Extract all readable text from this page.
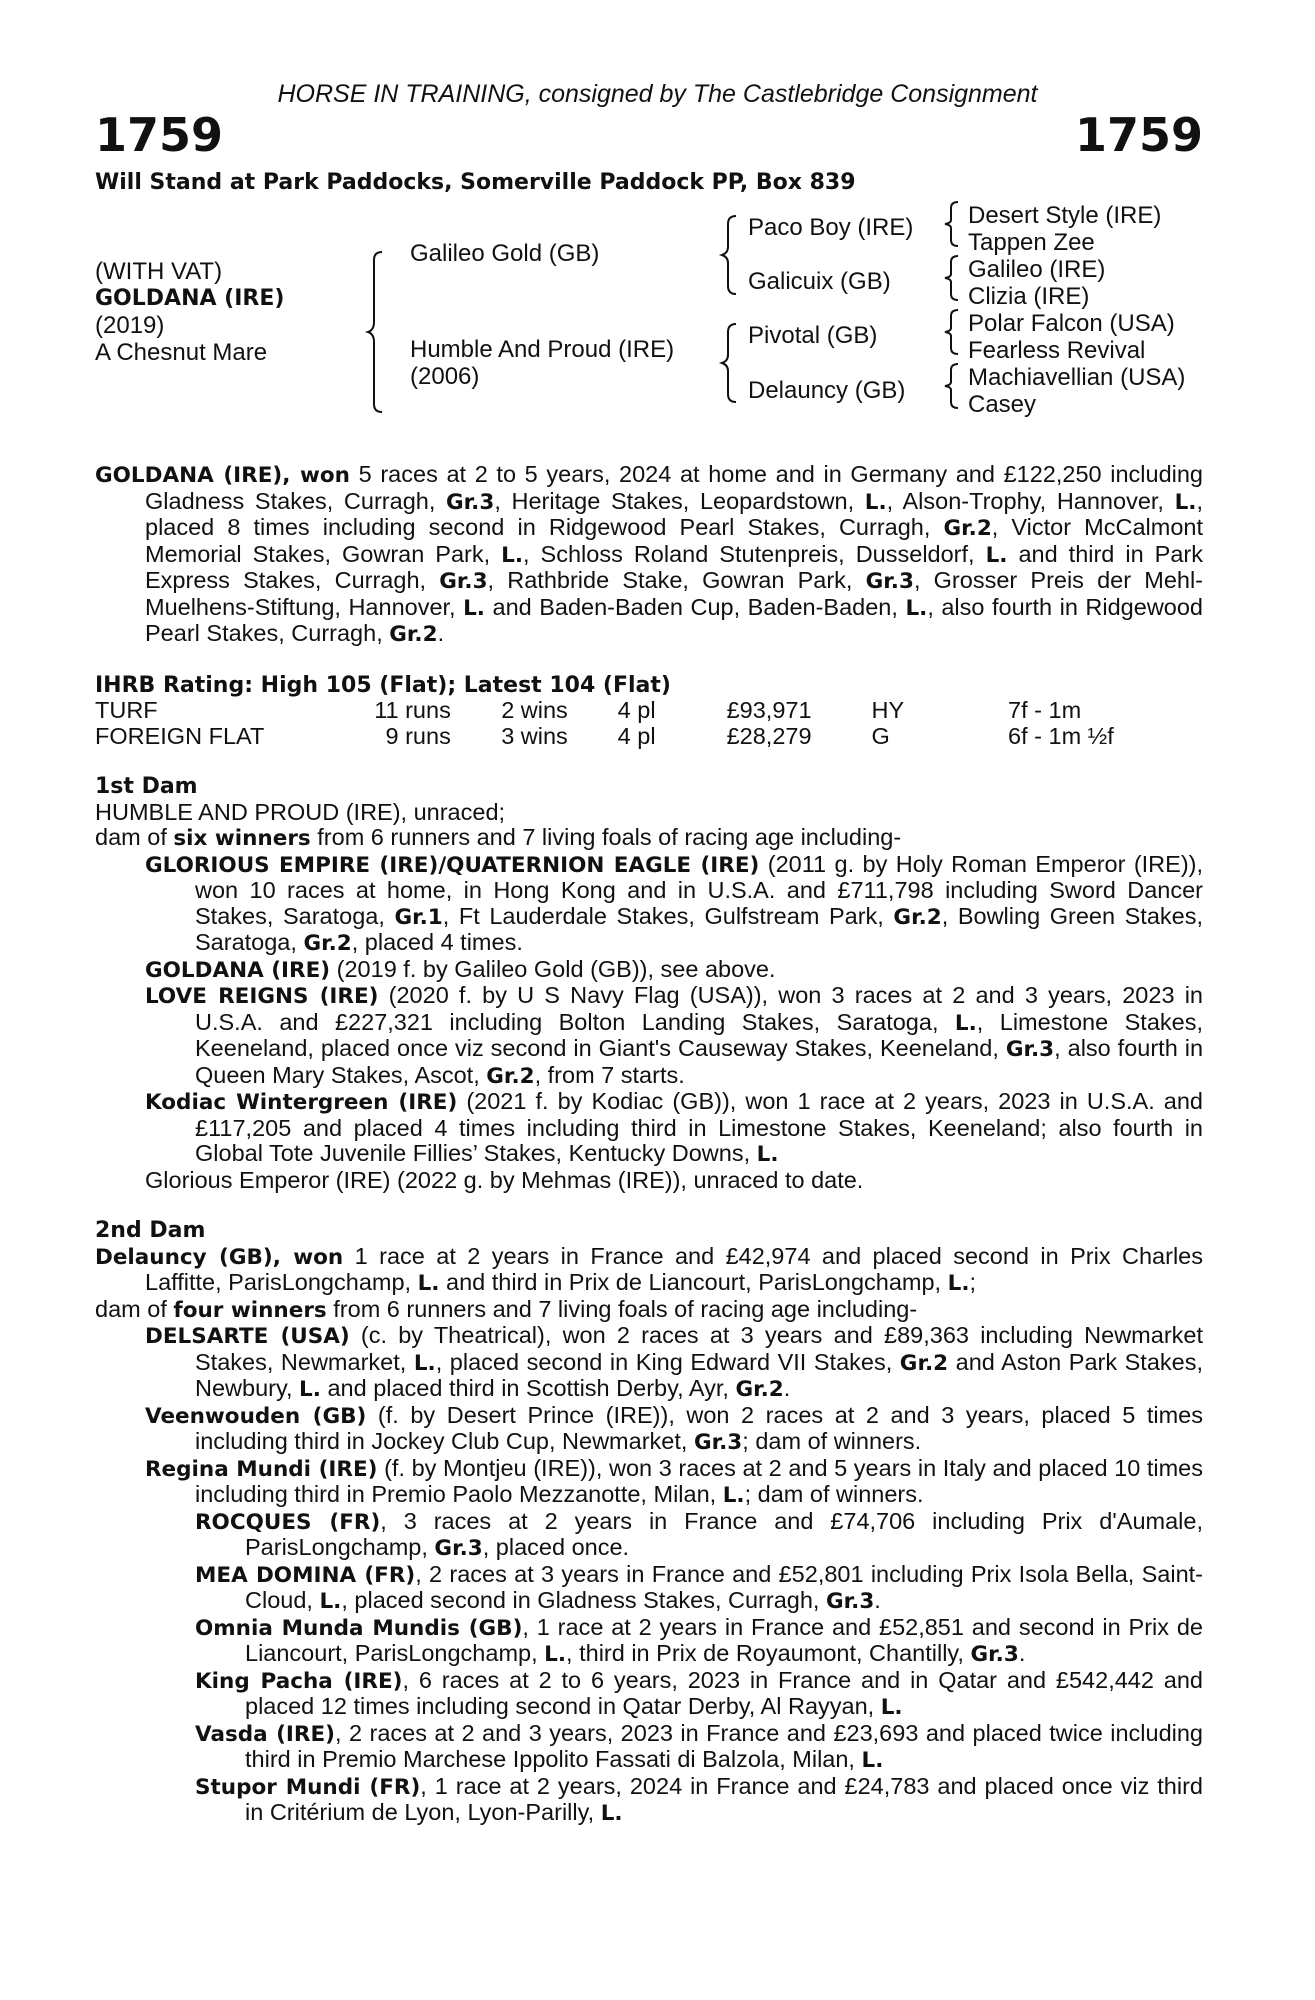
HORSE IN TRAINING, consigned by The Castlebridge Consignment
1759	1759
Will Stand at Park Paddocks, Somerville Paddock PP, Box 839
(WITH VAT)
GOLDANA (IRE)
(2019)
A Chesnut Mare
Galileo Gold (GB)
Humble And Proud (IRE)
(2006)
Paco Boy (IRE)
Galicuix (GB)
Pivotal (GB)
Delauncy (GB)
Desert Style (IRE)
Tappen Zee
Galileo (IRE)
Clizia (IRE)
Polar Falcon (USA)
Fearless Revival
Machiavellian (USA)
Casey
GOLDANA (IRE), won 5 races at 2 to 5 years, 2024 at home and in Germany and £122,250 including Gladness Stakes, Curragh, Gr.3, Heritage Stakes, Leopardstown, L., Alson-Trophy, Hannover, L., placed 8 times including second in Ridgewood Pearl Stakes, Curragh, Gr.2, Victor McCalmont Memorial Stakes, Gowran Park, L., Schloss Roland Stutenpreis, Dusseldorf, L. and third in Park Express Stakes, Curragh, Gr.3, Rathbride Stake, Gowran Park, Gr.3, Grosser Preis der Mehl-Muelhens-Stiftung, Hannover, L. and Baden-Baden Cup, Baden-Baden, L., also fourth in Ridgewood Pearl Stakes, Curragh, Gr.2.
IHRB Rating: High 105 (Flat); Latest 104 (Flat)
TURF	11 runs	2 wins	4 pl	£93,971	HY	7f - 1m
FOREIGN FLAT	9 runs	3 wins	4 pl	£28,279	G	6f - 1m ½f
1st Dam
HUMBLE AND PROUD (IRE), unraced;
dam of six winners from 6 runners and 7 living foals of racing age including-
GLORIOUS EMPIRE (IRE)/QUATERNION EAGLE (IRE) (2011 g. by Holy Roman Emperor (IRE)), won 10 races at home, in Hong Kong and in U.S.A. and £711,798 including Sword Dancer Stakes, Saratoga, Gr.1, Ft Lauderdale Stakes, Gulfstream Park, Gr.2, Bowling Green Stakes, Saratoga, Gr.2, placed 4 times.
GOLDANA (IRE) (2019 f. by Galileo Gold (GB)), see above.
LOVE REIGNS (IRE) (2020 f. by U S Navy Flag (USA)), won 3 races at 2 and 3 years, 2023 in U.S.A. and £227,321 including Bolton Landing Stakes, Saratoga, L., Limestone Stakes, Keeneland, placed once viz second in Giant's Causeway Stakes, Keeneland, Gr.3, also fourth in Queen Mary Stakes, Ascot, Gr.2, from 7 starts.
Kodiac Wintergreen (IRE) (2021 f. by Kodiac (GB)), won 1 race at 2 years, 2023 in U.S.A. and £117,205 and placed 4 times including third in Limestone Stakes, Keeneland; also fourth in Global Tote Juvenile Fillies’ Stakes, Kentucky Downs, L.
Glorious Emperor (IRE) (2022 g. by Mehmas (IRE)), unraced to date.
2nd Dam
Delauncy (GB), won 1 race at 2 years in France and £42,974 and placed second in Prix Charles Laffitte, ParisLongchamp, L. and third in Prix de Liancourt, ParisLongchamp, L.;
dam of four winners from 6 runners and 7 living foals of racing age including-
DELSARTE (USA) (c. by Theatrical), won 2 races at 3 years and £89,363 including Newmarket Stakes, Newmarket, L., placed second in King Edward VII Stakes, Gr.2 and Aston Park Stakes, Newbury, L. and placed third in Scottish Derby, Ayr, Gr.2.
Veenwouden (GB) (f. by Desert Prince (IRE)), won 2 races at 2 and 3 years, placed 5 times including third in Jockey Club Cup, Newmarket, Gr.3; dam of winners.
Regina Mundi (IRE) (f. by Montjeu (IRE)), won 3 races at 2 and 5 years in Italy and placed 10 times including third in Premio Paolo Mezzanotte, Milan, L.; dam of winners.
ROCQUES (FR), 3 races at 2 years in France and £74,706 including Prix d'Aumale, ParisLongchamp, Gr.3, placed once.
MEA DOMINA (FR), 2 races at 3 years in France and £52,801 including Prix Isola Bella, Saint-Cloud, L., placed second in Gladness Stakes, Curragh, Gr.3.
Omnia Munda Mundis (GB), 1 race at 2 years in France and £52,851 and second in Prix de Liancourt, ParisLongchamp, L., third in Prix de Royaumont, Chantilly, Gr.3.
King Pacha (IRE), 6 races at 2 to 6 years, 2023 in France and in Qatar and £542,442 and placed 12 times including second in Qatar Derby, Al Rayyan, L.
Vasda (IRE), 2 races at 2 and 3 years, 2023 in France and £23,693 and placed twice including third in Premio Marchese Ippolito Fassati di Balzola, Milan, L.
Stupor Mundi (FR), 1 race at 2 years, 2024 in France and £24,783 and placed once viz third in Critérium de Lyon, Lyon-Parilly, L.
